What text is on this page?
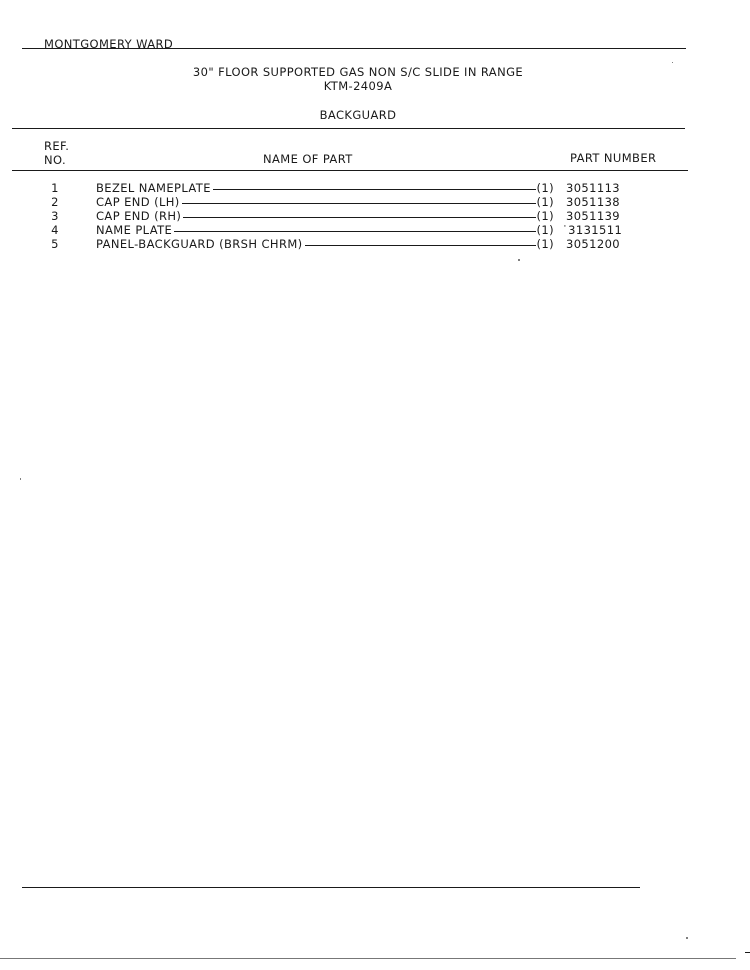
MONTGOMERY WARD
30" FLOOR SUPPORTED GAS NON S/C SLIDE IN RANGE
KTM-2409A
BACKGUARD
REF.
NO.	NAME OF PART	PART NUMBER
1	BEZEL NAMEPLATE	(1) 3051113
2	CAP END (LH)	(1) 3051138
3	CAP END (RH)	(1) 3051139
4	NAME PLATE	(1) ˙3131511
5	PANEL-BACKGUARD (BRSH CHRM)	(1) 3051200
